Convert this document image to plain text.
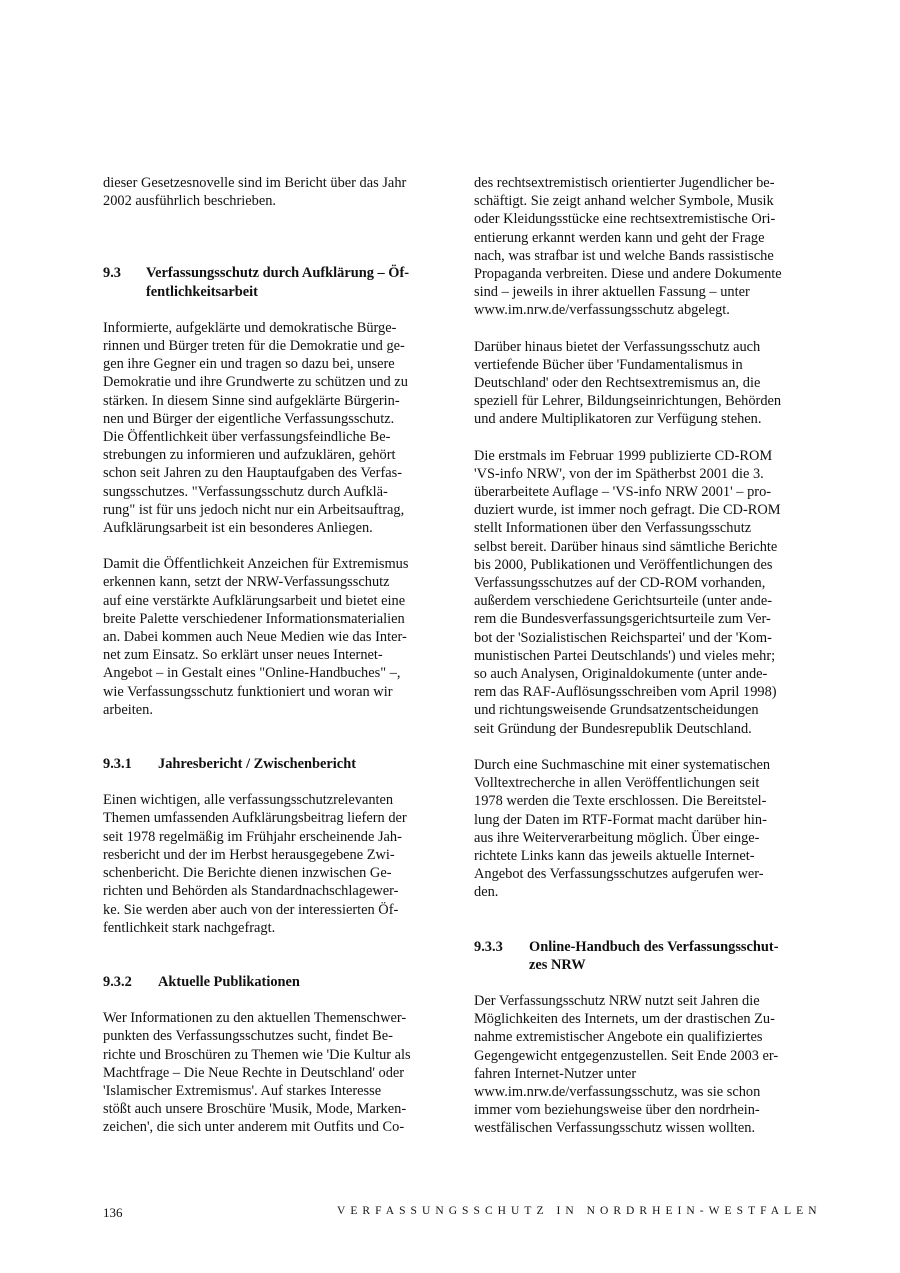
dieser Gesetzesnovelle sind im Bericht über das Jahr
2002 ausführlich beschrieben.

9.3	Verfassungsschutz durch Aufklärung – Öf-
fentlichkeitsarbeit

Informierte, aufgeklärte und demokratische Bürge-
rinnen und Bürger treten für die Demokratie und ge-
gen ihre Gegner ein und tragen so dazu bei, unsere
Demokratie und ihre Grundwerte zu schützen und zu
stärken. In diesem Sinne sind aufgeklärte Bürgerin-
nen und Bürger der eigentliche Verfassungsschutz.
Die Öffentlichkeit über verfassungsfeindliche Be-
strebungen zu informieren und aufzuklären, gehört
schon seit Jahren zu den Hauptaufgaben des Verfas-
sungsschutzes. "Verfassungsschutz durch Aufklä-
rung" ist für uns jedoch nicht nur ein Arbeitsauftrag,
Aufklärungsarbeit ist ein besonderes Anliegen.

Damit die Öffentlichkeit Anzeichen für Extremismus
erkennen kann, setzt der NRW-Verfassungsschutz
auf eine verstärkte Aufklärungsarbeit und bietet eine
breite Palette verschiedener Informationsmaterialien
an. Dabei kommen auch Neue Medien wie das Inter-
net zum Einsatz. So erklärt unser neues Internet-
Angebot – in Gestalt eines "Online-Handbuches" –,
wie Verfassungsschutz funktioniert und woran wir
arbeiten.

9.3.1	Jahresbericht / Zwischenbericht

Einen wichtigen, alle verfassungsschutzrelevanten
Themen umfassenden Aufklärungsbeitrag liefern der
seit 1978 regelmäßig im Frühjahr erscheinende Jah-
resbericht und der im Herbst herausgegebene Zwi-
schenbericht. Die Berichte dienen inzwischen Ge-
richten und Behörden als Standardnachschlagewer-
ke. Sie werden aber auch von der interessierten Öf-
fentlichkeit stark nachgefragt.

9.3.2	Aktuelle Publikationen

Wer Informationen zu den aktuellen Themenschwer-
punkten des Verfassungsschutzes sucht, findet Be-
richte und Broschüren zu Themen wie 'Die Kultur als
Machtfrage – Die Neue Rechte in Deutschland' oder
'Islamischer Extremismus'. Auf starkes Interesse
stößt auch unsere Broschüre 'Musik, Mode, Marken-
zeichen', die sich unter anderem mit Outfits und Co-

des rechtsextremistisch orientierter Jugendlicher be-
schäftigt. Sie zeigt anhand welcher Symbole, Musik
oder Kleidungsstücke eine rechtsextremistische Ori-
entierung erkannt werden kann und geht der Frage
nach, was strafbar ist und welche Bands rassistische
Propaganda verbreiten. Diese und andere Dokumente
sind – jeweils in ihrer aktuellen Fassung – unter
www.im.nrw.de/verfassungsschutz abgelegt.

Darüber hinaus bietet der Verfassungsschutz auch
vertiefende Bücher über 'Fundamentalismus in
Deutschland' oder den Rechtsextremismus an, die
speziell für Lehrer, Bildungseinrichtungen, Behörden
und andere Multiplikatoren zur Verfügung stehen.

Die erstmals im Februar 1999 publizierte CD-ROM
'VS-info NRW', von der im Spätherbst 2001 die 3.
überarbeitete Auflage – 'VS-info NRW 2001' – pro-
duziert wurde, ist immer noch gefragt. Die CD-ROM
stellt Informationen über den Verfassungsschutz
selbst bereit. Darüber hinaus sind sämtliche Berichte
bis 2000, Publikationen und Veröffentlichungen des
Verfassungsschutzes auf der CD-ROM vorhanden,
außerdem verschiedene Gerichtsurteile (unter ande-
rem die Bundesverfassungsgerichtsurteile zum Ver-
bot der 'Sozialistischen Reichspartei' und der 'Kom-
munistischen Partei Deutschlands') und vieles mehr;
so auch Analysen, Originaldokumente (unter ande-
rem das RAF-Auflösungsschreiben vom April 1998)
und richtungsweisende Grundsatzentscheidungen
seit Gründung der Bundesrepublik Deutschland.

Durch eine Suchmaschine mit einer systematischen
Volltextrecherche in allen Veröffentlichungen seit
1978 werden die Texte erschlossen. Die Bereitstel-
lung der Daten im RTF-Format macht darüber hin-
aus ihre Weiterverarbeitung möglich. Über einge-
richtete Links kann das jeweils aktuelle Internet-
Angebot des Verfassungsschutzes aufgerufen wer-
den.

9.3.3	Online-Handbuch des Verfassungsschut-
zes NRW

Der Verfassungsschutz NRW nutzt seit Jahren die
Möglichkeiten des Internets, um der drastischen Zu-
nahme extremistischer Angebote ein qualifiziertes
Gegengewicht entgegenzustellen. Seit Ende 2003 er-
fahren Internet-Nutzer unter
www.im.nrw.de/verfassungsschutz, was sie schon
immer vom beziehungsweise über den nordrhein-
westfälischen Verfassungsschutz wissen wollten.

136	VERFASSUNGSSCHUTZ IN NORDRHEIN-WESTFALEN
